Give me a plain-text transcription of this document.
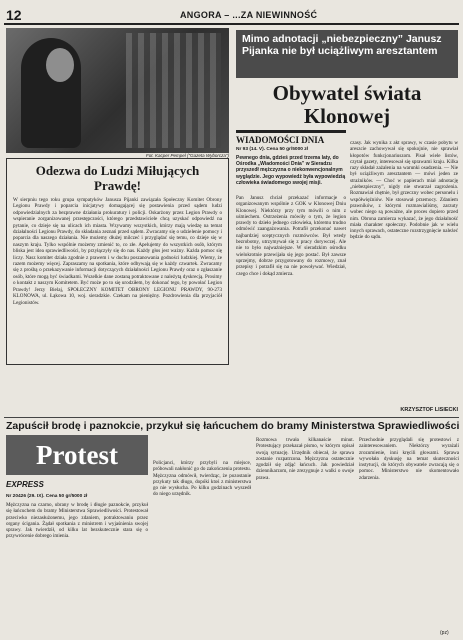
12	ANGORA – ...ZA NIEWINNOŚĆ
Fot. Kacper Pempel ("Gazeta Wyborcza")
Odezwa do Ludzi Miłujących Prawdę!
W sierpniu tego roku grupa sympatyków Janusza Pijanki zawiązała Społeczny Komitet Obrony Legionu Prawdy i poparcia inicjatywy domagającej się postawienia przed sądem ludzi odpowiedzialnych za bezprawne działania prokuratury i policji. Oskarżony przez Legion Prawdy o wspieranie zorganizowanej przestępczości, którego przedstawiciele chcą uzyskać odpowiedź na pytanie, co dzieje się na ulicach ich miasta. Wzywamy wszystkich, którzy mają wiedzę na temat działalności Legionu Prawdy, do składania zeznań przed sądem. Zwracamy się o udzielenie pomocy i poparcia dla naszego działania. Nie możemy dłużej milczeć i przyglądać się temu, co dzieje się w naszym kraju. Tylko wspólnie możemy zmienić to, co złe. Apelujemy do wszystkich osób, którym bliska jest idea sprawiedliwości, by przyłączyły się do nas. Każdy głos jest ważny. Każda pomoc się liczy. Nasz komitet działa zgodnie z prawem i w duchu poszanowania godności ludzkiej. Wiemy, że razem możemy więcej. Zapraszamy na spotkania, które odbywają się w każdy czwartek. Zwracamy się z prośbą o przekazywanie informacji dotyczących działalności Legionu Prawdy oraz o zgłaszanie osób, które mogą być świadkami. Wszelkie dane zostaną potraktowane z należytą dyskrecją. Prosimy o kontakt z naszym Komitetem. Być może po to się urodziłem, by dokonać tego, by powołać Legion Prawdy! Jerzy Bielaj, SPOŁECZNY KOMITET OBRONY LEGIONU PRAWDY, 90-273 KLONOWA, ul. Łąkowa 10, woj. sieradzkie. Czekam na pieniężny. Pozdrowienia dla przyjaciół Legionistów.
Mimo adnotacji „niebezpieczny” Janusz Pijanka nie był uciążliwym aresztantem
Obywatel świata Klonowej
WIADOMOŚCI DNIA
Nr 93 (14. V). Cena 50 gr/5000 zł
Pewnego dnia, gdzieś przed trzema laty, do Ośrodka „Wiadomości Dnia” w Sieradzu przyszedł mężczyzna o niekonwencjonalnym wyglądzie. Jego wypowiedź była wypowiedzią człowieka świadomego swojej misji.
Pan Janusz chciał przekazać informacje o organizowanym wspólnie z GOK w Klonowej Dniu Klonowej. Niektórzy przy tym mówili o nim z uśmiechem. Ostrzeżenia mówiły o tym, że legion prawdy to dzieło jednego człowieka, któremu trudno odmówić zaangażowania. Potrafił przekonać nawet najbardziej sceptycznych rozmówców. Był wtedy bezrobotny, utrzymywał się z pracy dorywczej. Ale nie to było najważniejsze. W sieradzkim ośrodku wielokrotnie przewijała się jego postać. Był zawsze uprzejmy, dobrze przygotowany do rozmowy, znał przepisy i potrafił się na nie powoływać. Wiedział, czego chce i dokąd zmierza.
czasy. Jak wynika z akt sprawy, w czasie pobytu w areszcie zachowywał się spokojnie, nie sprawiał kłopotów funkcjonariuszom. Pisał wiele listów, czytał gazety, interesował się sprawami kraju. Kilka razy składał zażalenia na warunki osadzenia. — Nie był uciążliwym aresztantem — mówi jeden ze strażników. — Choć w papierach miał adnotację „niebezpieczny”, nigdy nie stwarzał zagrożenia. Rozmawiał chętnie, był grzeczny wobec personelu i współwięźniów. Nie stosował przemocy. Zdaniem prawników, z którymi rozmawialiśmy, zarzuty wobec niego są poważne, ale proces dopiero przed nim. Obrona zamierza wykazać, że jego działalność miała charakter społeczny. Podobnie jak w wielu innych sprawach, ostateczne rozstrzygnięcie należeć będzie do sądu.
KRZYSZTOF LISIECKI
Zapuścił brodę i paznokcie, przykuł się łańcuchem do bramy Ministerstwa Sprawiedliwości
Protest
EXPRESS
Nr 20426 (29. IX). Cena 50 gr/5000 zł
Mężczyzna na czarno, ubrany w brodę i długie paznokcie, przykuł się łańcuchem do bramy Ministerstwa Sprawiedliwości. Protestował przeciwko niezasłużonemu, jego zdaniem, potraktowaniu przez organy ścigania. Żądał spotkania z ministrem i wyjaśnienia swojej sprawy. Jak twierdził, od kilku lat bezskutecznie stara się o przywrócenie dobrego imienia.
Policjanci, którzy przybyli na miejsce, próbowali nakłonić go do zakończenia protestu. Mężczyzna odmówił, twierdząc, że pozostanie przykuty tak długo, dopóki ktoś z ministerstwa go nie wysłucha. Po kilku godzinach wyszedł do niego urzędnik.
Rozmowa trwała kilkanaście minut. Protestujący przekazał pismo, w którym opisał swoją sytuację. Urzędnik obiecał, że sprawa zostanie rozpatrzona. Mężczyzna ostatecznie zgodził się zdjąć łańcuch. Jak powiedział dziennikarzom, nie zrezygnuje z walki o swoje prawa.
Przechodnie przyglądali się protestowi z zainteresowaniem. Niektórzy wyrażali zrozumienie, inni kręcili głowami. Sprawa wywołała dyskusję na temat skuteczności instytucji, do których obywatele zwracają się o pomoc. Ministerstwo nie skomentowało zdarzenia.
(pz)
